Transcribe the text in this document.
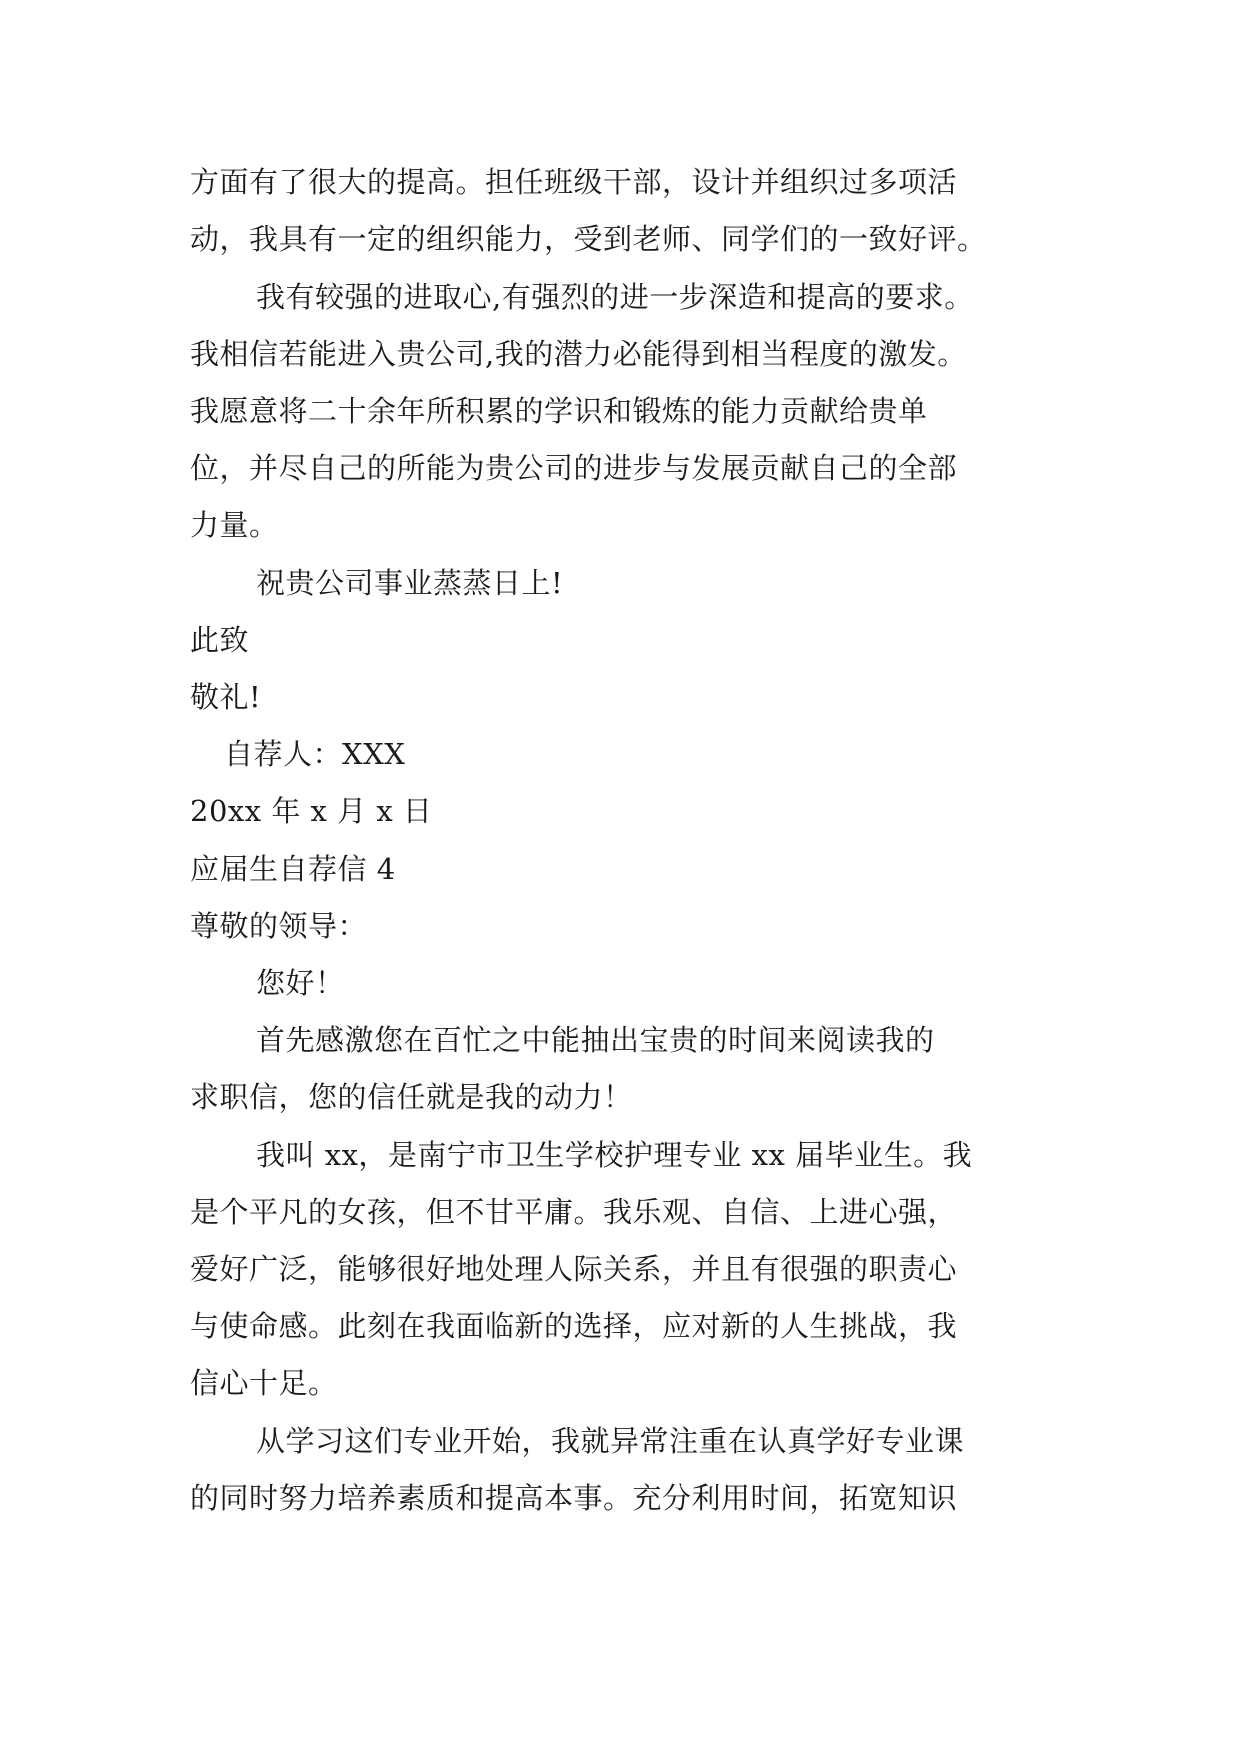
方面有了很大的提高。担任班级干部，设计并组织过多项活

动，我具有一定的组织能力，受到老师、同学们的一致好评。

我有较强的进取心,有强烈的进一步深造和提高的要求。

我相信若能进入贵公司,我的潜力必能得到相当程度的激发。

我愿意将二十余年所积累的学识和锻炼的能力贡献给贵单

位，并尽自己的所能为贵公司的进步与发展贡献自己的全部

力量。

祝贵公司事业蒸蒸日上!

此致

敬礼!

自荐人：XXX

20xx 年 x 月 x 日

应届生自荐信 4

尊敬的领导：

您好！

首先感激您在百忙之中能抽出宝贵的时间来阅读我的

求职信，您的信任就是我的动力！

我叫 xx，是南宁市卫生学校护理专业 xx 届毕业生。我

是个平凡的女孩，但不甘平庸。我乐观、自信、上进心强，

爱好广泛，能够很好地处理人际关系，并且有很强的职责心

与使命感。此刻在我面临新的选择，应对新的人生挑战，我

信心十足。

从学习这们专业开始，我就异常注重在认真学好专业课

的同时努力培养素质和提高本事。充分利用时间，拓宽知识
